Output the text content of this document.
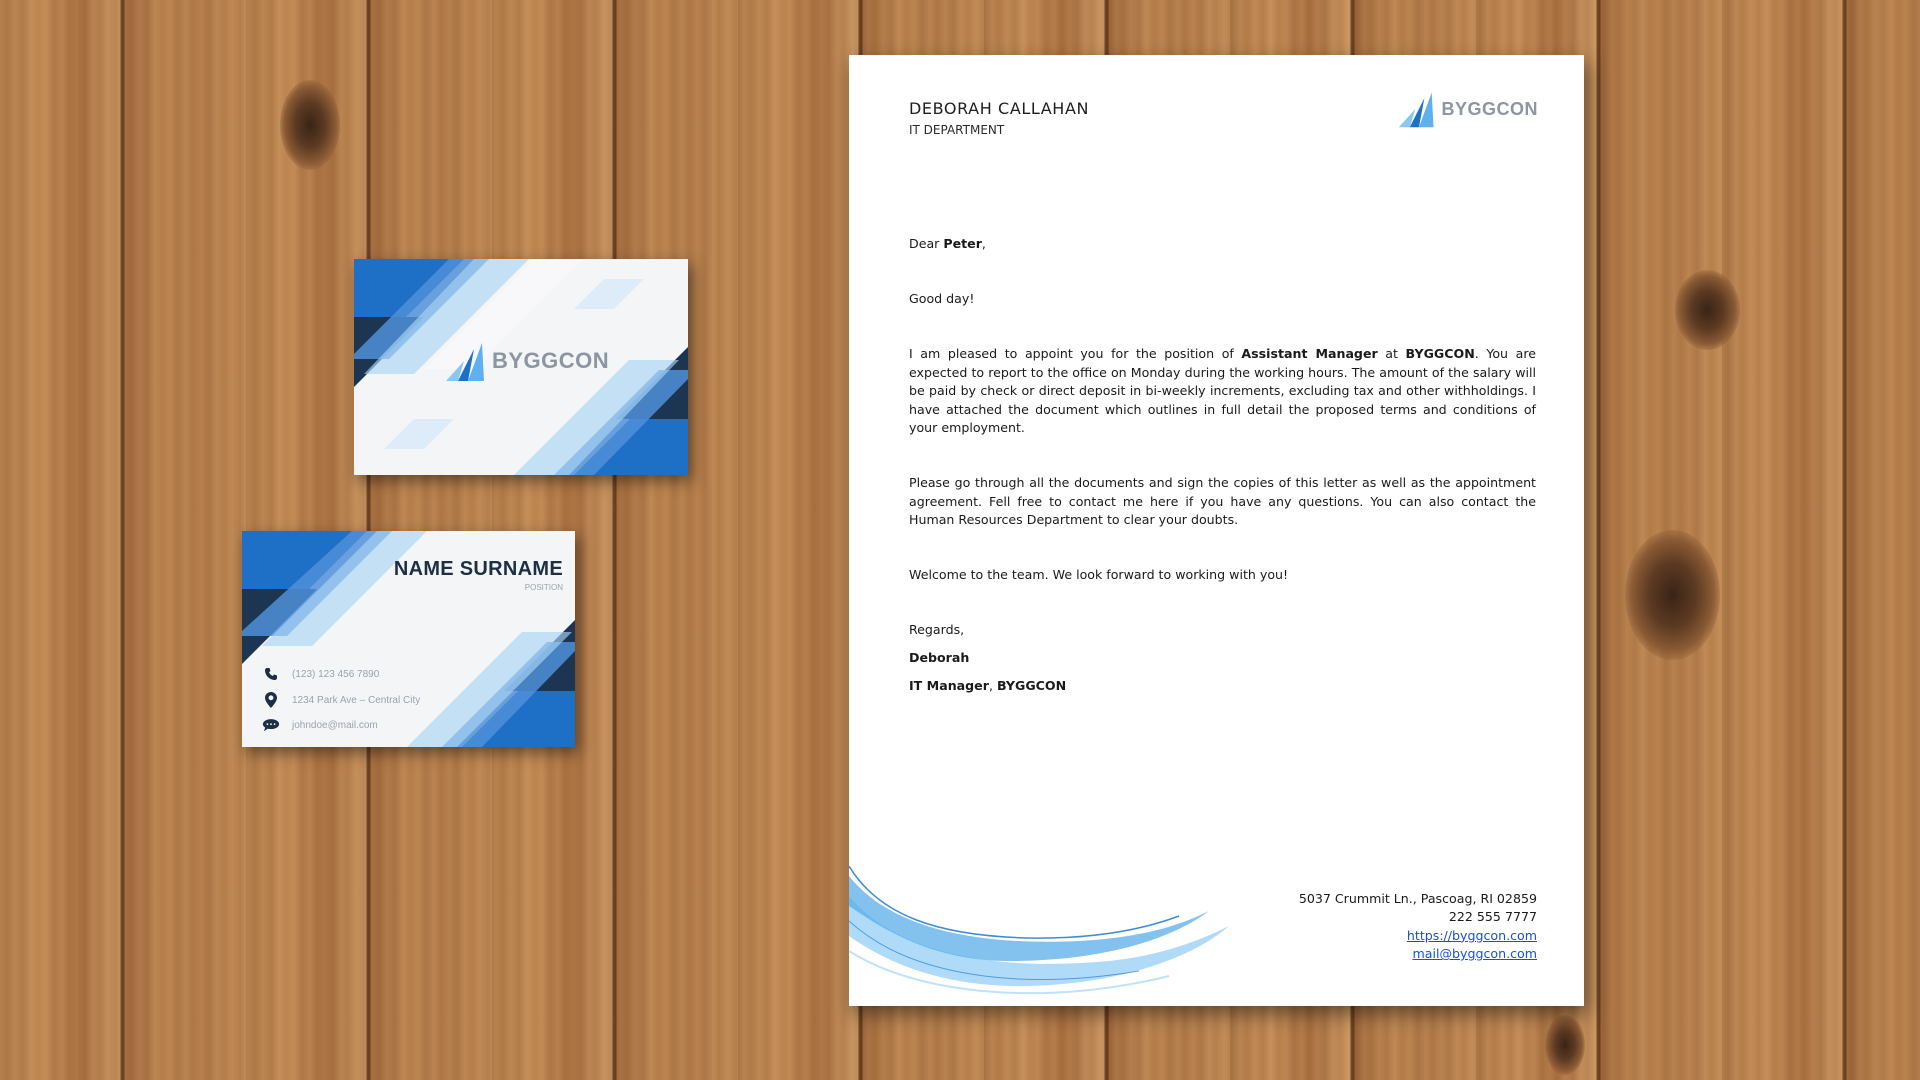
BYGGCON
NAME SURNAME
POSITION
(123) 123 456 7890
1234 Park Ave – Central City
johndoe@mail.com
DEBORAH CALLAHAN
IT DEPARTMENT
BYGGCON

Dear Peter,

Good day!

I am pleased to appoint you for the position of Assistant Manager at BYGGCON. You are expected to report to the office on Monday during the working hours. The amount of the salary will be paid by check or direct deposit in bi-weekly increments, excluding tax and other withholdings. I have attached the document which outlines in full detail the proposed terms and conditions of your employment.

Please go through all the documents and sign the copies of this letter as well as the appointment agreement. Fell free to contact me here if you have any questions. You can also contact the Human Resources Department to clear your doubts.

Welcome to the team. We look forward to working with you!

Regards,

Deborah

IT Manager, BYGGCON

5037 Crummit Ln., Pascoag, RI 02859
222 555 7777
https://byggcon.com
mail@byggcon.com
